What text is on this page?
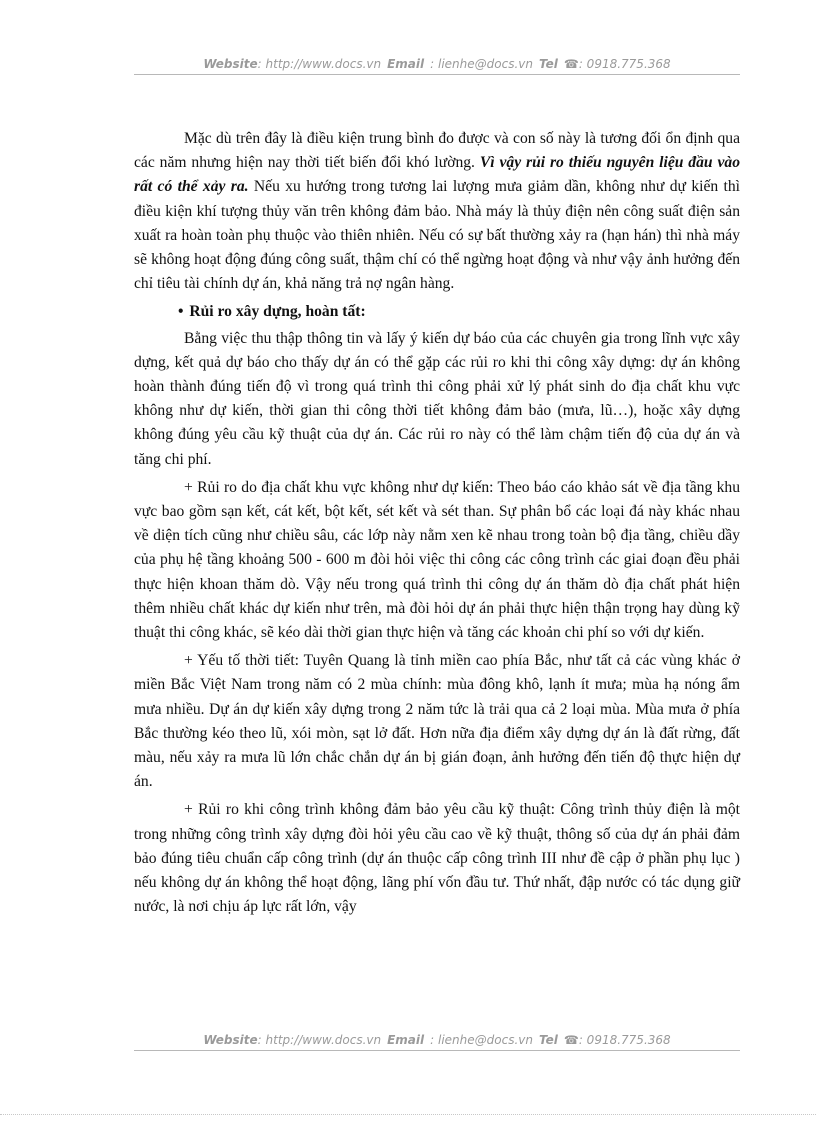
Website: http://www.docs.vn Email : lienhe@docs.vn Tel ☎: 0918.775.368

Mặc dù trên đây là điều kiện trung bình đo được và con số này là tương đối ổn định qua các năm nhưng hiện nay thời tiết biến đổi khó lường. Vì vậy rủi ro thiếu nguyên liệu đầu vào rất có thể xảy ra. Nếu xu hướng trong tương lai lượng mưa giảm dần, không như dự kiến thì điều kiện khí tượng thủy văn trên không đảm bảo. Nhà máy là thủy điện nên công suất điện sản xuất ra hoàn toàn phụ thuộc vào thiên nhiên. Nếu có sự bất thường xảy ra (hạn hán) thì nhà máy sẽ không hoạt động đúng công suất, thậm chí có thể ngừng hoạt động và như vậy ảnh hưởng đến chỉ tiêu tài chính dự án, khả năng trả nợ ngân hàng.

• Rủi ro xây dựng, hoàn tất:

Bằng việc thu thập thông tin và lấy ý kiến dự báo của các chuyên gia trong lĩnh vực xây dựng, kết quả dự báo cho thấy dự án có thể gặp các rủi ro khi thi công xây dựng: dự án không hoàn thành đúng tiến độ vì trong quá trình thi công phải xử lý phát sinh do địa chất khu vực không như dự kiến, thời gian thi công thời tiết không đảm bảo (mưa, lũ…), hoặc xây dựng không đúng yêu cầu kỹ thuật của dự án. Các rủi ro này có thể làm chậm tiến độ của dự án và tăng chi phí.

+ Rủi ro do địa chất khu vực không như dự kiến: Theo báo cáo khảo sát về địa tầng khu vực bao gồm sạn kết, cát kết, bột kết, sét kết và sét than. Sự phân bổ các loại đá này khác nhau về diện tích cũng như chiều sâu, các lớp này nằm xen kẽ nhau trong toàn bộ địa tầng, chiều dầy của phụ hệ tầng khoảng 500 - 600 m đòi hỏi việc thi công các công trình các giai đoạn đều phải thực hiện khoan thăm dò. Vậy nếu trong quá trình thi công dự án thăm dò địa chất phát hiện thêm nhiều chất khác dự kiến như trên, mà đòi hỏi dự án phải thực hiện thận trọng hay dùng kỹ thuật thi công khác, sẽ kéo dài thời gian thực hiện và tăng các khoản chi phí so với dự kiến.

+ Yếu tố thời tiết: Tuyên Quang là tỉnh miền cao phía Bắc, như tất cả các vùng khác ở miền Bắc Việt Nam trong năm có 2 mùa chính: mùa đông khô, lạnh ít mưa; mùa hạ nóng ẩm mưa nhiều. Dự án dự kiến xây dựng trong 2 năm tức là trải qua cả 2 loại mùa. Mùa mưa ở phía Bắc thường kéo theo lũ, xói mòn, sạt lở đất. Hơn nữa địa điểm xây dựng dự án là đất rừng, đất màu, nếu xảy ra mưa lũ lớn chắc chắn dự án bị gián đoạn, ảnh hưởng đến tiến độ thực hiện dự án.

+ Rủi ro khi công trình không đảm bảo yêu cầu kỹ thuật: Công trình thủy điện là một trong những công trình xây dựng đòi hỏi yêu cầu cao về kỹ thuật, thông số của dự án phải đảm bảo đúng tiêu chuẩn cấp công trình (dự án thuộc cấp công trình III như đề cập ở phần phụ lục ) nếu không dự án không thể hoạt động, lãng phí vốn đầu tư. Thứ nhất, đập nước có tác dụng giữ nước, là nơi chịu áp lực rất lớn, vậy

Website: http://www.docs.vn Email : lienhe@docs.vn Tel ☎: 0918.775.368
